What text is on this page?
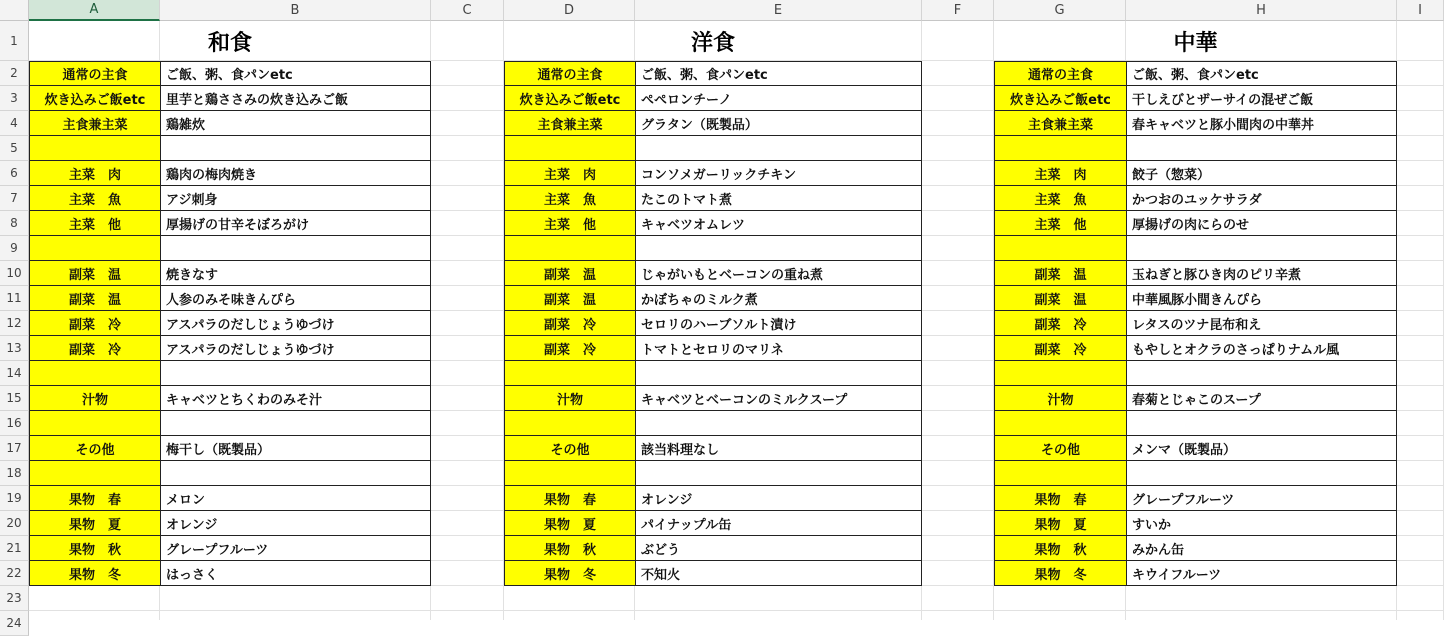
A	B	C	D	E	F	G	H	I
1
2
3
4
5
6
7
8
9
10
11
12
13
14
15
16
17
18
19
20
21
22
23
24
和食
通常の主食	ご飯、粥、食パンetc
炊き込みご飯etc	里芋と鶏ささみの炊き込みご飯
主食兼主菜	鶏雑炊
主菜　肉	鶏肉の梅肉焼き
主菜　魚	アジ刺身
主菜　他	厚揚げの甘辛そぼろがけ
副菜　温	焼きなす
副菜　温	人参のみそ味きんぴら
副菜　冷	アスパラのだしじょうゆづけ
副菜　冷	アスパラのだしじょうゆづけ
汁物	キャベツとちくわのみそ汁
その他	梅干し（既製品）
果物　春	メロン
果物　夏	オレンジ
果物　秋	グレープフルーツ
果物　冬	はっさく
洋食
通常の主食	ご飯、粥、食パンetc
炊き込みご飯etc	ペペロンチーノ
主食兼主菜	グラタン（既製品）
主菜　肉	コンソメガーリックチキン
主菜　魚	たこのトマト煮
主菜　他	キャベツオムレツ
副菜　温	じゃがいもとベーコンの重ね煮
副菜　温	かぼちゃのミルク煮
副菜　冷	セロリのハーブソルト漬け
副菜　冷	トマトとセロリのマリネ
汁物	キャベツとベーコンのミルクスープ
その他	該当料理なし
果物　春	オレンジ
果物　夏	パイナップル缶
果物　秋	ぶどう
果物　冬	不知火
中華
通常の主食	ご飯、粥、食パンetc
炊き込みご飯etc	干しえびとザーサイの混ぜご飯
主食兼主菜	春キャベツと豚小間肉の中華丼
主菜　肉	餃子（惣菜）
主菜　魚	かつおのユッケサラダ
主菜　他	厚揚げの肉にらのせ
副菜　温	玉ねぎと豚ひき肉のピリ辛煮
副菜　温	中華風豚小間きんぴら
副菜　冷	レタスのツナ昆布和え
副菜　冷	もやしとオクラのさっぱりナムル風
汁物	春菊とじゃこのスープ
その他	メンマ（既製品）
果物　春	グレープフルーツ
果物　夏	すいか
果物　秋	みかん缶
果物　冬	キウイフルーツ
